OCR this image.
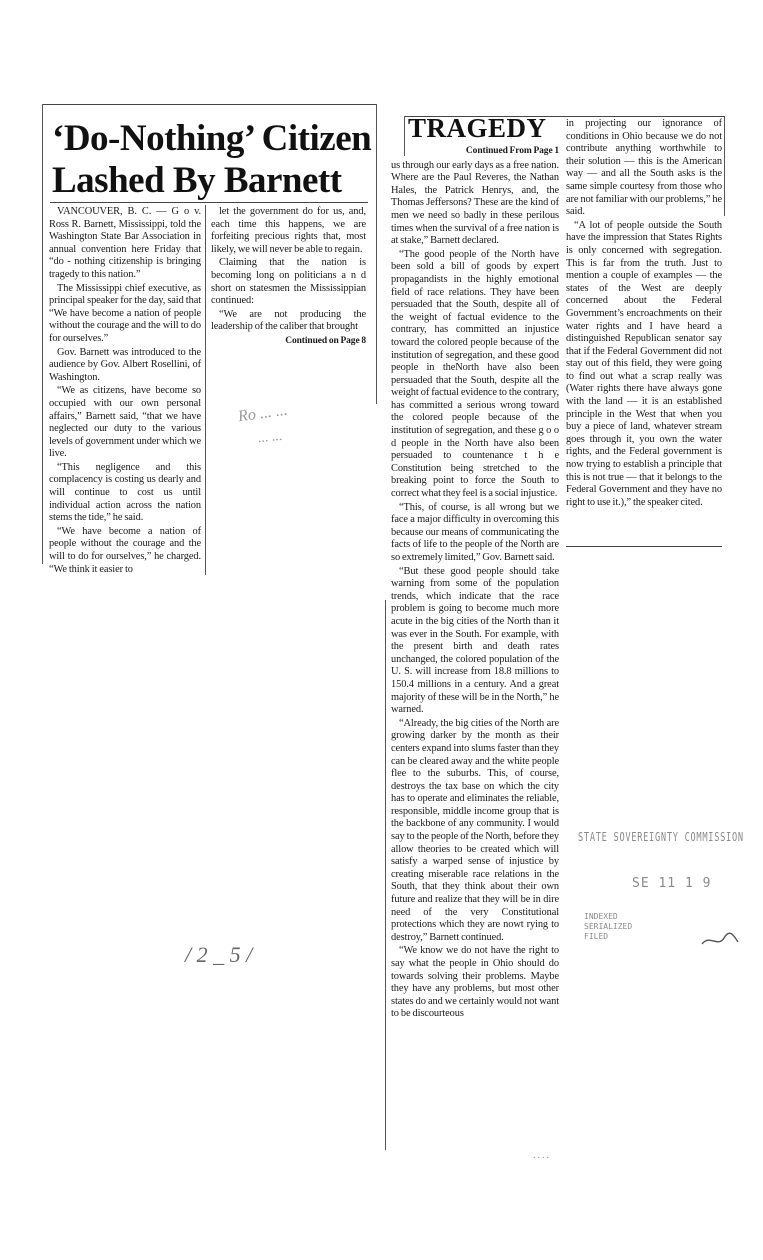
‘Do-Nothing’ Citizen
Lashed By Barnett

VANCOUVER, B. C. — G o v. Ross R. Barnett, Mississippi, told the Washington State Bar Association in annual convention here Friday that “do - nothing citizenship is bringing tragedy to this nation.”

The Mississippi chief executive, as principal speaker for the day, said that “We have become a nation of people without the courage and the will to do for ourselves.”

Gov. Barnett was introduced to the audience by Gov. Albert Rosellini, of Washington.

“We as citizens, have become so occupied with our own personal affairs,” Barnett said, “that we have neglected our duty to the various levels of government under which we live.

“This negligence and this complacency is costing us dearly and will continue to cost us until individual action across the nation stems the tide,” he said.

“We have become a nation of people without the courage and the will to do for ourselves,” he charged. “We think it easier to

let the government do for us, and, each time this happens, we are forfeiting precious rights that, most likely, we will never be able to regain.

Claiming that the nation is becoming long on politicians a n d short on statesmen the Mississippian continued:

“We are not producing the leadership of the caliber that brought

Continued on Page 8
Ro ... ...
... ...
/ 2 _ 5 /
TRAGEDY
Continued From Page 1

us through our early days as a free nation. Where are the Paul Reveres, the Nathan Hales, the Patrick Henrys, and, the Thomas Jeffersons? These are the kind of men we need so badly in these perilous times when the survival of a free nation is at stake,” Barnett declared.

“The good people of the North have been sold a bill of goods by expert propagandists in the highly emotional field of race relations. They have been persuaded that the South, despite all of the weight of factual evidence to the contrary, has committed an injustice toward the colored people because of the institution of segregation, and these good people in theNorth have also been persuaded that the South, despite all the weight of factual evidence to the contrary, has committed a serious wrong toward the colored people because of the institution of segregation, and these g o o d people in the North have also been persuaded to countenance t h e Constitution being stretched to the breaking point to force the South to correct what they feel is a social injustice.

“This, of course, is all wrong but we face a major difficulty in overcoming this because our means of communicating the facts of life to the people of the North are so extremely limited,” Gov. Barnett said.

“But these good people should take warning from some of the population trends, which indicate that the race problem is going to become much more acute in the big cities of the North than it was ever in the South. For example, with the present birth and death rates unchanged, the colored population of the U. S. will increase from 18.8 millions to 150.4 millions in a century. And a great majority of these will be in the North,” he warned.

“Already, the big cities of the North are growing darker by the month as their centers expand into slums faster than they can be cleared away and the white people flee to the suburbs. This, of course, destroys the tax base on which the city has to operate and eliminates the reliable, responsible, middle income group that is the backbone of any community. I would say to the people of the North, before they allow theories to be created which will satisfy a warped sense of injustice by creating miserable race relations in the South, that they think about their own future and realize that they will be in dire need of the very Constitutional protections which they are nowt rying to destroy,” Barnett continued.

“We know we do not have the right to say what the people in Ohio should do towards solving their problems. Maybe they have any problems, but most other states do and we certainly would not want to be discourteous

in projecting our ignorance of conditions in Ohio because we do not contribute anything worthwhile to their solution — this is the American way — and all the South asks is the same simple courtesy from those who are not familiar with our problems,” he said.

“A lot of people outside the South have the impression that States Rights is only concerned with segregation. This is far from the truth. Just to mention a couple of examples — the states of the West are deeply concerned about the Federal Government’s encroachments on their water rights and I have heard a distinguished Republican senator say that if the Federal Government did not stay out of this field, they were going to find out what a scrap really was (Water rights there have always gone with the land — it is an established principle in the West that when you buy a piece of land, whatever stream goes through it, you own the water rights, and the Federal government is now trying to establish a principle that this is not true — that it belongs to the Federal Government and they have no right to use it.),” the speaker cited.

STATE SOVEREIGNTY COMMISSION
SE 11 1 9
INDEXED
SERIALIZED
FILED
....
